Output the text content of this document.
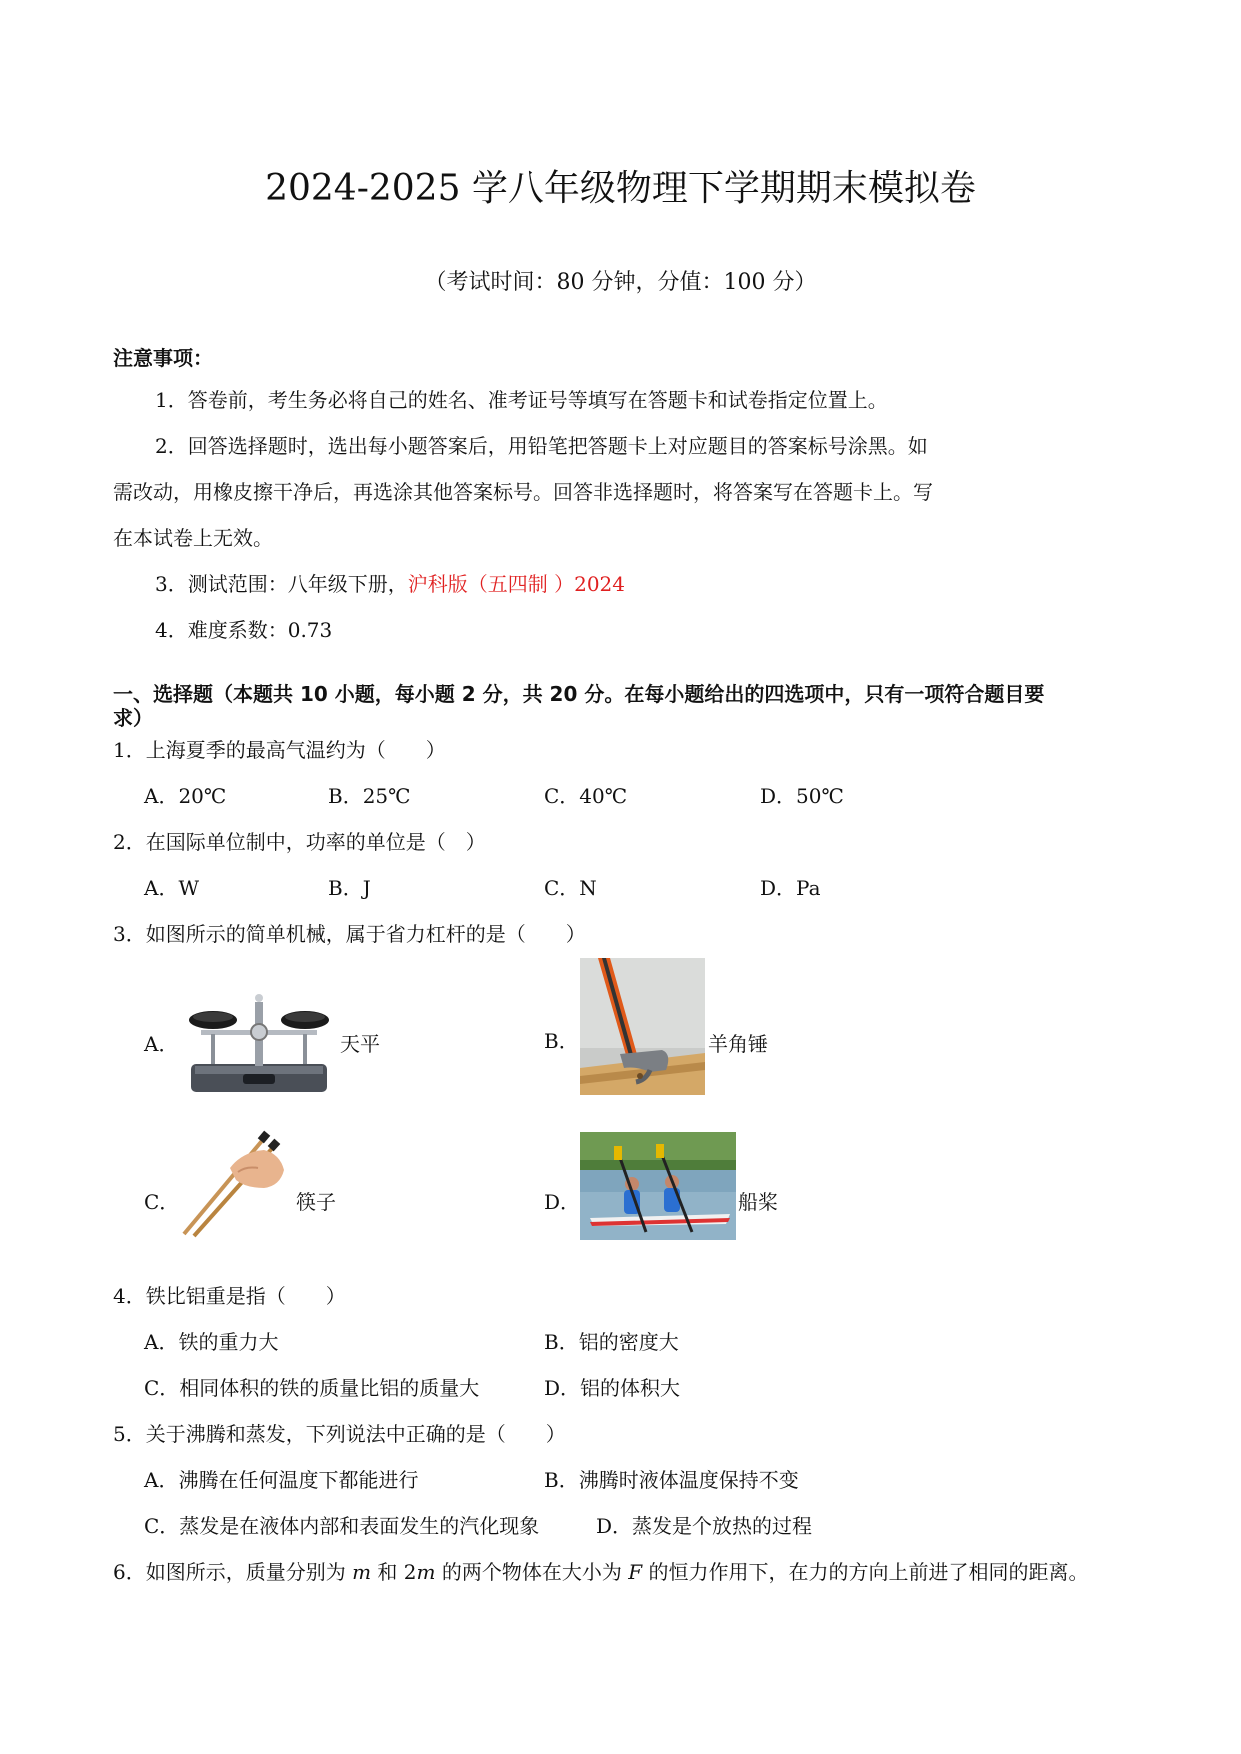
2024-2025 学八年级物理下学期期末模拟卷
（考试时间：80 分钟，分值：100 分）
注意事项：
1．答卷前，考生务必将自己的姓名、准考证号等填写在答题卡和试卷指定位置上。
2．回答选择题时，选出每小题答案后，用铅笔把答题卡上对应题目的答案标号涂黑。如
需改动，用橡皮擦干净后，再选涂其他答案标号。回答非选择题时，将答案写在答题卡上。写
在本试卷上无效。
3．测试范围：八年级下册，沪科版（五四制 ）2024
4．难度系数：0.73
一、选择题（本题共 10 小题，每小题 2 分，共 20 分。在每小题给出的四选项中，只有一项符合题目要
求）
1．上海夏季的最高气温约为（　　）
A．20℃	B．25℃	C．40℃	D．50℃
2．在国际单位制中，功率的单位是（　）
A．W	B．J	C．N	D．Pa
3．如图所示的简单机械，属于省力杠杆的是（　　）
A．	天平	B．	羊角锤
C．	筷子	D．	船桨
4．铁比铝重是指（　　）
A．铁的重力大	B．铝的密度大
C．相同体积的铁的质量比铝的质量大	D．铝的体积大
5．关于沸腾和蒸发，下列说法中正确的是（　　）
A．沸腾在任何温度下都能进行	B．沸腾时液体温度保持不变
C．蒸发是在液体内部和表面发生的汽化现象	D．蒸发是个放热的过程
6．如图所示，质量分别为 m 和 2m 的两个物体在大小为 F 的恒力作用下，在力的方向上前进了相同的距离。
